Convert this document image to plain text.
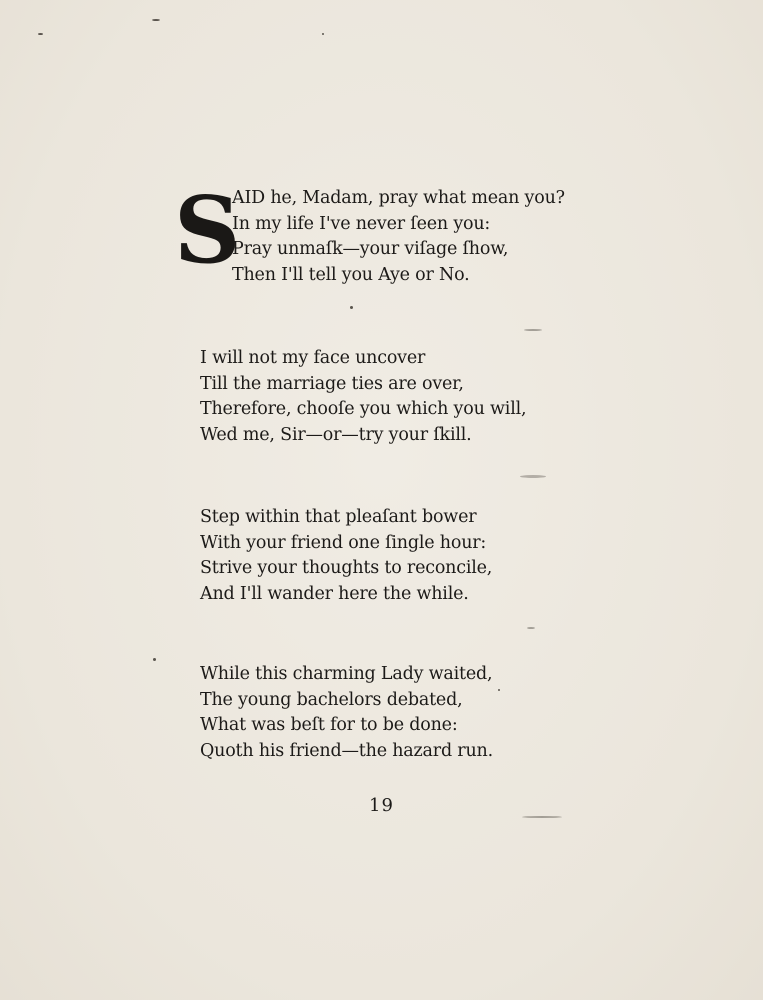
S
AID he, Madam, pray what mean you?
In my life I've never ſeen you:
Pray unmaſk—your viſage ſhow,
Then I'll tell you Aye or No.
I will not my face uncover
Till the marriage ties are over,
Therefore, chooſe you which you will,
Wed me, Sir—or—try your ſkill.
Step within that pleaſant bower
With your friend one ſingle hour:
Strive your thoughts to reconcile,
And I'll wander here the while.
While this charming Lady waited,
The young bachelors debated,
What was beſt for to be done:
Quoth his friend—the hazard run.
19
